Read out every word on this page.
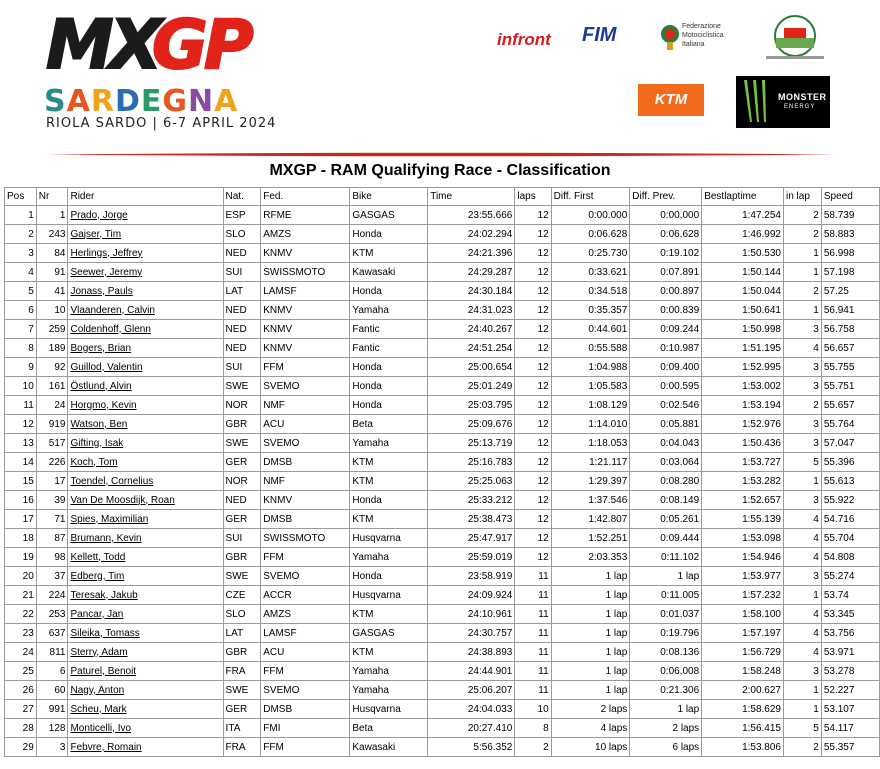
MX
GP
SARDEGNA
RIOLA SARDO | 6-7 APRIL 2024
infront FIM	Federazione
Motociclistica
Italiana
KTM	MONSTER
ENERGY
MXGP - RAM Qualifying Race - Classification
Pos	Nr	Rider	Nat.	Fed.	Bike	Time	laps	Diff. First	Diff. Prev.	Bestlaptime	in lap	Speed
1	1	Prado, Jorge	ESP	RFME	GASGAS	23:55.666	12	0:00.000	0:00.000	1:47.254	2	58.739
2	243	Gajser, Tim	SLO	AMZS	Honda	24:02.294	12	0:06.628	0:06.628	1:46.992	2	58.883
3	84	Herlings, Jeffrey	NED	KNMV	KTM	24:21.396	12	0:25.730	0:19.102	1:50.530	1	56.998
4	91	Seewer, Jeremy	SUI	SWISSMOTO	Kawasaki	24:29.287	12	0:33.621	0:07.891	1:50.144	1	57.198
5	41	Jonass, Pauls	LAT	LAMSF	Honda	24:30.184	12	0:34.518	0:00.897	1:50.044	2	57.25
6	10	Vlaanderen, Calvin	NED	KNMV	Yamaha	24:31.023	12	0:35.357	0:00.839	1:50.641	1	56.941
7	259	Coldenhoff, Glenn	NED	KNMV	Fantic	24:40.267	12	0:44.601	0:09.244	1:50.998	3	56.758
8	189	Bogers, Brian	NED	KNMV	Fantic	24:51.254	12	0:55.588	0:10.987	1:51.195	4	56.657
9	92	Guillod, Valentin	SUI	FFM	Honda	25:00.654	12	1:04.988	0:09.400	1:52.995	3	55.755
10	161	Östlund, Alvin	SWE	SVEMO	Honda	25:01.249	12	1:05.583	0:00.595	1:53.002	3	55.751
11	24	Horgmo, Kevin	NOR	NMF	Honda	25:03.795	12	1:08.129	0:02.546	1:53.194	2	55.657
12	919	Watson, Ben	GBR	ACU	Beta	25:09.676	12	1:14.010	0:05.881	1:52.976	3	55.764
13	517	Gifting, Isak	SWE	SVEMO	Yamaha	25:13.719	12	1:18.053	0:04.043	1:50.436	3	57.047
14	226	Koch, Tom	GER	DMSB	KTM	25:16.783	12	1:21.117	0:03.064	1:53.727	5	55.396
15	17	Toendel, Cornelius	NOR	NMF	KTM	25:25.063	12	1:29.397	0:08.280	1:53.282	1	55.613
16	39	Van De Moosdijk, Roan	NED	KNMV	Honda	25:33.212	12	1:37.546	0:08.149	1:52.657	3	55.922
17	71	Spies, Maximilian	GER	DMSB	KTM	25:38.473	12	1:42.807	0:05.261	1:55.139	4	54.716
18	87	Brumann, Kevin	SUI	SWISSMOTO	Husqvarna	25:47.917	12	1:52.251	0:09.444	1:53.098	4	55.704
19	98	Kellett, Todd	GBR	FFM	Yamaha	25:59.019	12	2:03.353	0:11.102	1:54.946	4	54.808
20	37	Edberg, Tim	SWE	SVEMO	Honda	23:58.919	11	1 lap	1 lap	1:53.977	3	55.274
21	224	Teresak, Jakub	CZE	ACCR	Husqvarna	24:09.924	11	1 lap	0:11.005	1:57.232	1	53.74
22	253	Pancar, Jan	SLO	AMZS	KTM	24:10.961	11	1 lap	0:01.037	1:58.100	4	53.345
23	637	Sileika, Tomass	LAT	LAMSF	GASGAS	24:30.757	11	1 lap	0:19.796	1:57.197	4	53.756
24	811	Sterry, Adam	GBR	ACU	KTM	24:38.893	11	1 lap	0:08.136	1:56.729	4	53.971
25	6	Paturel, Benoit	FRA	FFM	Yamaha	24:44.901	11	1 lap	0:06.008	1:58.248	3	53.278
26	60	Nagy, Anton	SWE	SVEMO	Yamaha	25:06.207	11	1 lap	0:21.306	2:00.627	1	52.227
27	991	Scheu, Mark	GER	DMSB	Husqvarna	24:04.033	10	2 laps	1 lap	1:58.629	1	53.107
28	128	Monticelli, Ivo	ITA	FMI	Beta	20:27.410	8	4 laps	2 laps	1:56.415	5	54.117
29	3	Febvre, Romain	FRA	FFM	Kawasaki	5:56.352	2	10 laps	6 laps	1:53.806	2	55.357
